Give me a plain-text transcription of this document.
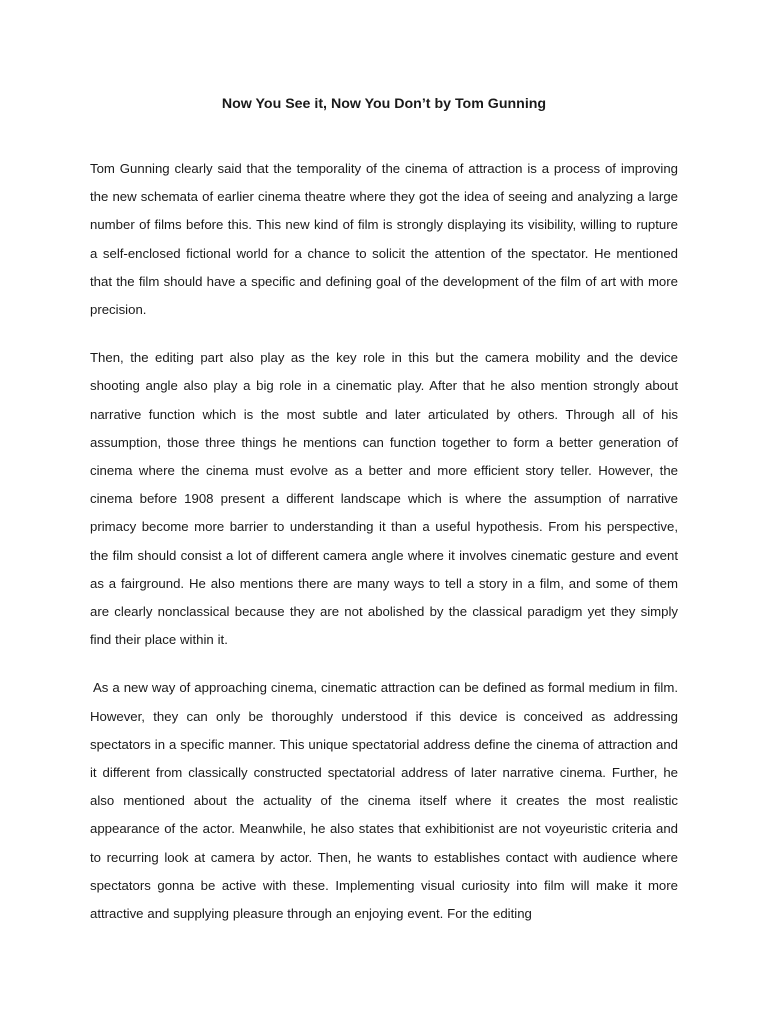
Now You See it, Now You Don’t by Tom Gunning

Tom Gunning clearly said that the temporality of the cinema of attraction is a process of improving the new schemata of earlier cinema theatre where they got the idea of seeing and analyzing a large number of films before this. This new kind of film is strongly displaying its visibility, willing to rupture a self-enclosed fictional world for a chance to solicit the attention of the spectator. He mentioned that the film should have a specific and defining goal of the development of the film of art with more precision.

Then, the editing part also play as the key role in this but the camera mobility and the device shooting angle also play a big role in a cinematic play. After that he also mention strongly about narrative function which is the most subtle and later articulated by others. Through all of his assumption, those three things he mentions can function together to form a better generation of cinema where the cinema must evolve as a better and more efficient story teller. However, the cinema before 1908 present a different landscape which is where the assumption of narrative primacy become more barrier to understanding it than a useful hypothesis. From his perspective, the film should consist a lot of different camera angle where it involves cinematic gesture and event as a fairground. He also mentions there are many ways to tell a story in a film, and some of them are clearly nonclassical because they are not abolished by the classical paradigm yet they simply find their place within it.

As a new way of approaching cinema, cinematic attraction can be defined as formal medium in film. However, they can only be thoroughly understood if this device is conceived as addressing spectators in a specific manner. This unique spectatorial address define the cinema of attraction and it different from classically constructed spectatorial address of later narrative cinema. Further, he also mentioned about the actuality of the cinema itself where it creates the most realistic appearance of the actor. Meanwhile, he also states that exhibitionist are not voyeuristic criteria and to recurring look at camera by actor. Then, he wants to establishes contact with audience where spectators gonna be active with these. Implementing visual curiosity into film will make it more attractive and supplying pleasure through an enjoying event. For the editing
